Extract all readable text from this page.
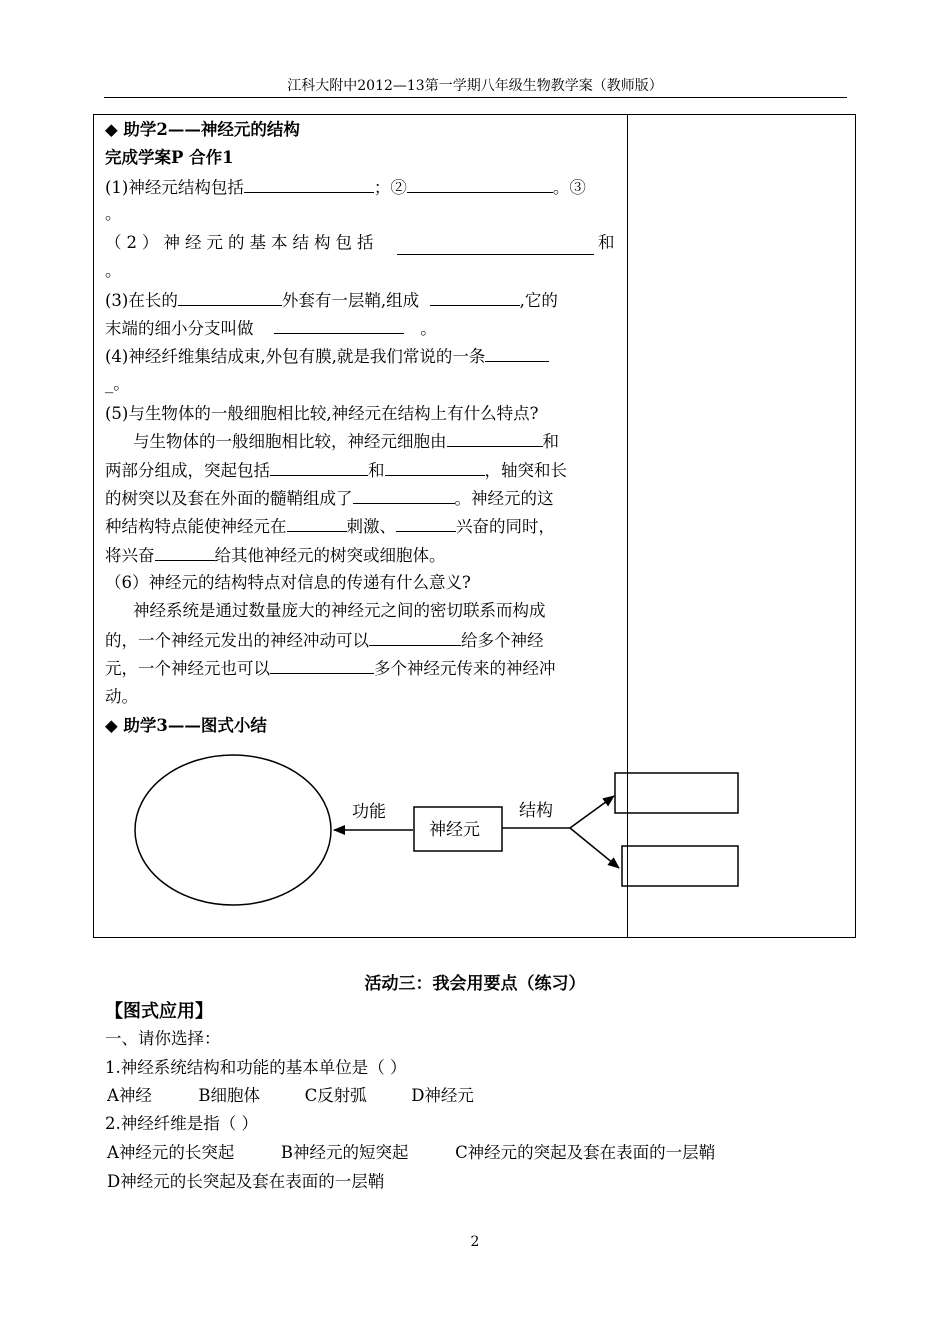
江科大附中2012—13第一学期八年级生物教学案（教师版）
◆ 助学2——神经元的结构
完成学案P 合作1
(1)神经元结构包括	；②	。③
。
（2）神经元的基本结构包括	和
。
(3)在长的	外套有一层鞘,组成	,它的
末端的细小分支叫做	。
(4)神经纤维集结成束,外包有膜,就是我们常说的一条
_。
(5)与生物体的一般细胞相比较,神经元在结构上有什么特点?
与生物体的一般细胞相比较，神经元细胞由	和
两部分组成，突起包括	和	，轴突和长
的树突以及套在外面的髓鞘组成了	。神经元的这
种结构特点能使神经元在	刺激、	兴奋的同时，
将兴奋	给其他神经元的树突或细胞体。
（6）神经元的结构特点对信息的传递有什么意义?
神经系统是通过数量庞大的神经元之间的密切联系而构成
的，一个神经元发出的神经冲动可以	给多个神经
元，一个神经元也可以	多个神经元传来的神经冲
动。
◆ 助学3——图式小结
神经元
功能	结构
活动三：我会用要点（练习）
【图式应用】
一、请你选择：
1.神经系统结构和功能的基本单位是（ ）
A神经	B细胞体	C反射弧	D神经元
2.神经纤维是指（ ）
A神经元的长突起	B神经元的短突起	C神经元的突起及套在表面的一层鞘
D神经元的长突起及套在表面的一层鞘
2
